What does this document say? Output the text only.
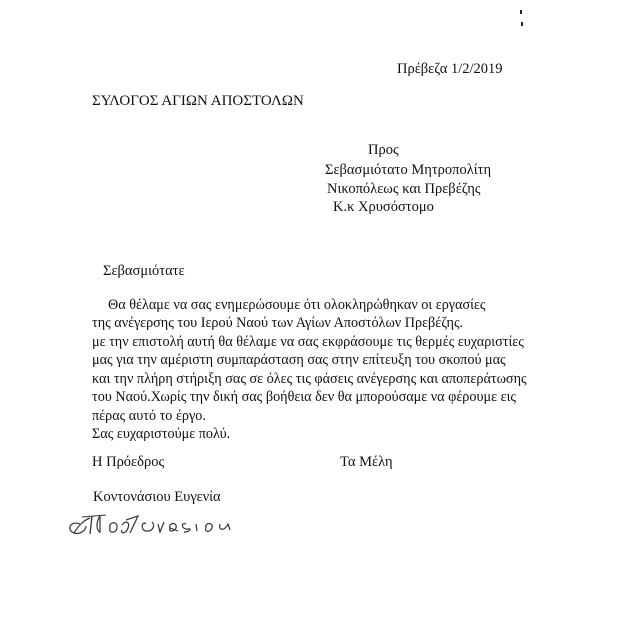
Πρέβεζα 1/2/2019

ΣΥΛΟΓΟΣ ΑΓΙΩΝ ΑΠΟΣΤΟΛΩΝ

Προς

Σεβασμιότατο Μητροπολίτη

Νικοπόλεως και Πρεβέζης

Κ.κ Χρυσόστομο

Σεβασμιότατε

Θα θέλαμε να σας ενημερώσουμε ότι ολοκληρώθηκαν οι εργασίες

της ανέγερσης του Ιερού Ναού των Αγίων Αποστόλων Πρεβέζης.

με την επιστολή αυτή θα θέλαμε να σας εκφράσουμε τις θερμές ευχαριστίες

μας για την αμέριστη συμπαράσταση σας στην επίτευξη του σκοπού μας

και την πλήρη στήριξη σας σε όλες τις φάσεις ανέγερσης και αποπεράτωσης

του Ναού.Χωρίς την δική σας βοήθεια δεν θα μπορούσαμε να φέρουμε εις

πέρας αυτό το έργο.

Σας ευχαριστούμε πολύ.

Η Πρόεδρος	Τα Μέλη

Κοντονάσιου Ευγενία
